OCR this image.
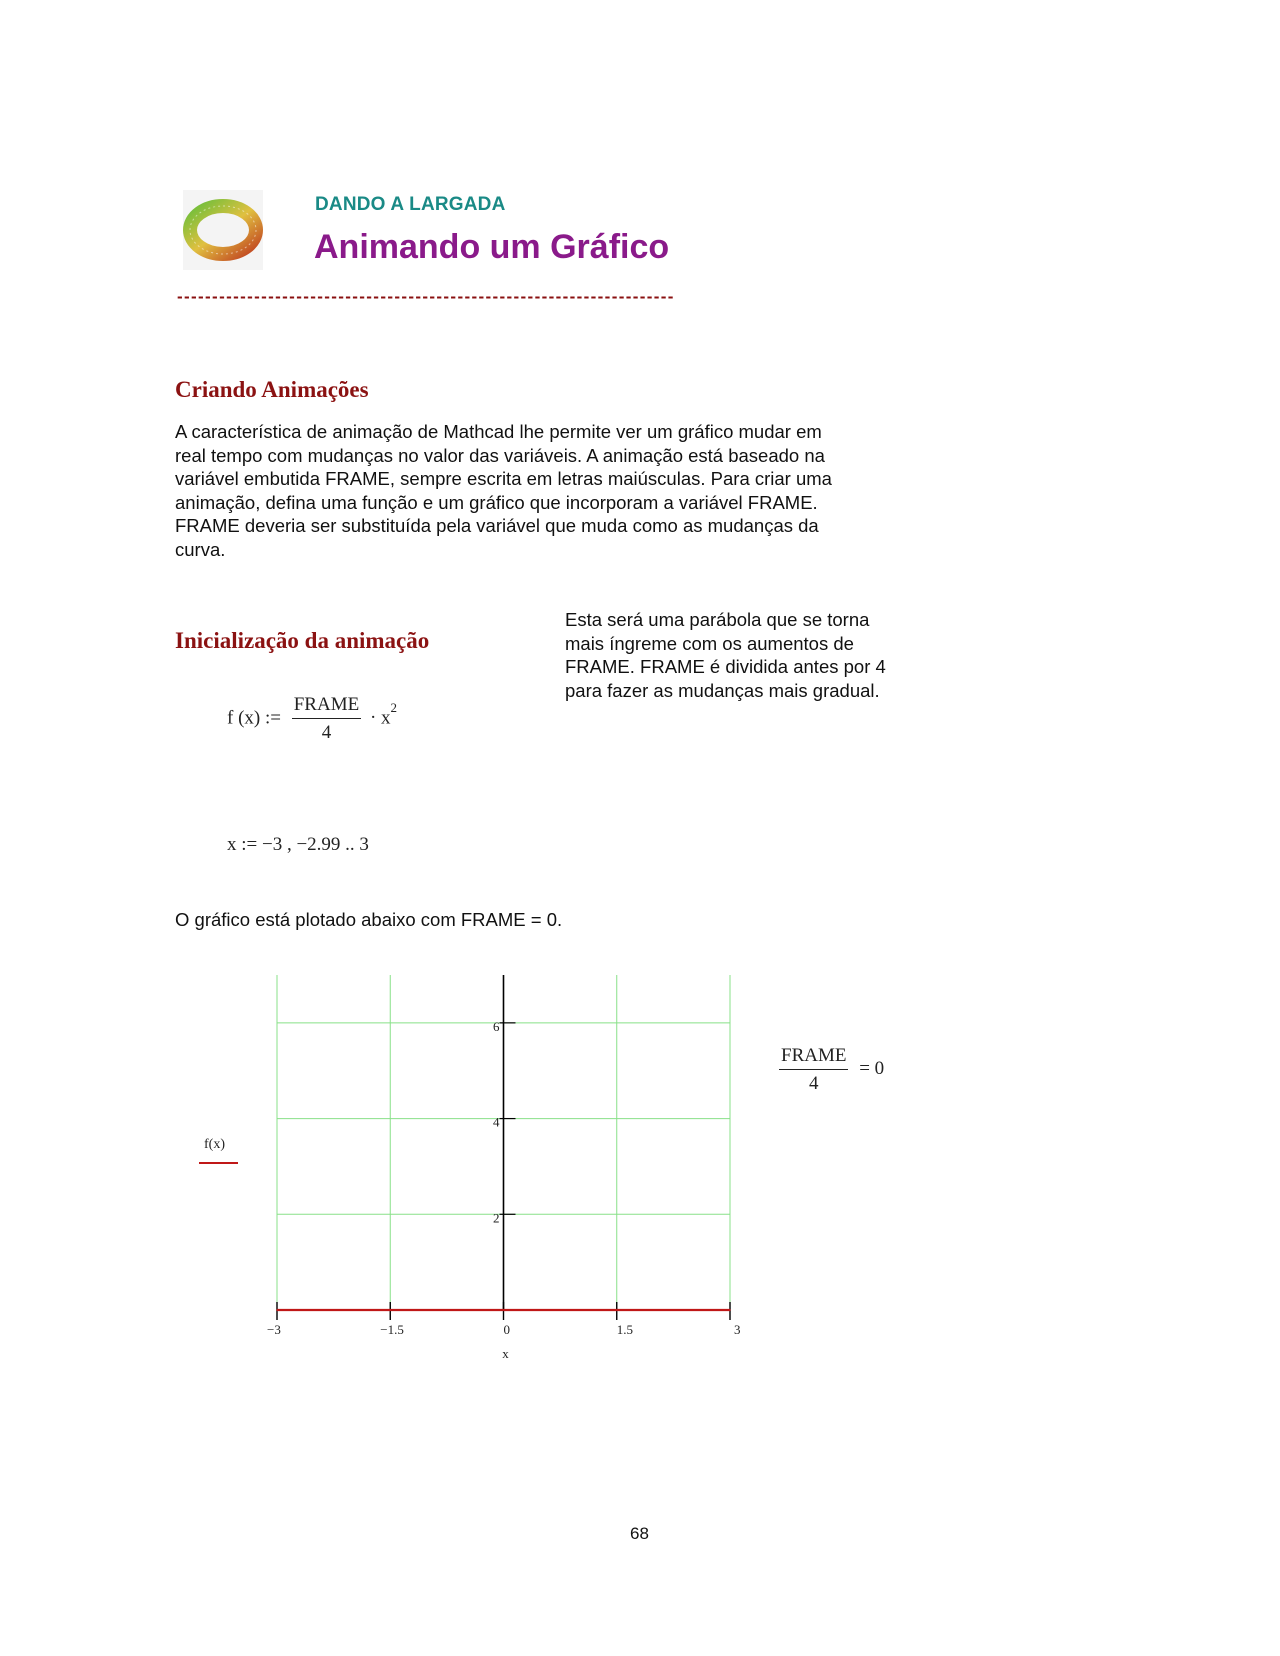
DANDO A LARGADA
Animando um Gráfico
-----------------------------------------------------------------------
Criando Animações
A característica de animação de Mathcad lhe permite ver um gráfico mudar em
real tempo com mudanças no valor das variáveis. A animação está baseado na
variável embutida FRAME, sempre escrita em letras maiúsculas. Para criar uma
animação, defina uma função e um gráfico que incorporam a variável FRAME.
FRAME deveria ser substituída pela variável que muda como as mudanças da
curva.
Inicialização da animação
Esta será uma parábola que se torna
mais íngreme com os aumentos de
FRAME. FRAME é dividida antes por 4
para fazer as mudanças mais gradual.
f (x) := $\frac{\text{FRAME}}{4} \cdot x^2$
x := −3 , −2.99 .. 3
O gráfico está plotado abaixo com FRAME = 0.
$\frac{\text{FRAME}}{4} = 0$
f(x)
2
4
6
−3	−1.5	0	1.5	3
x
68
